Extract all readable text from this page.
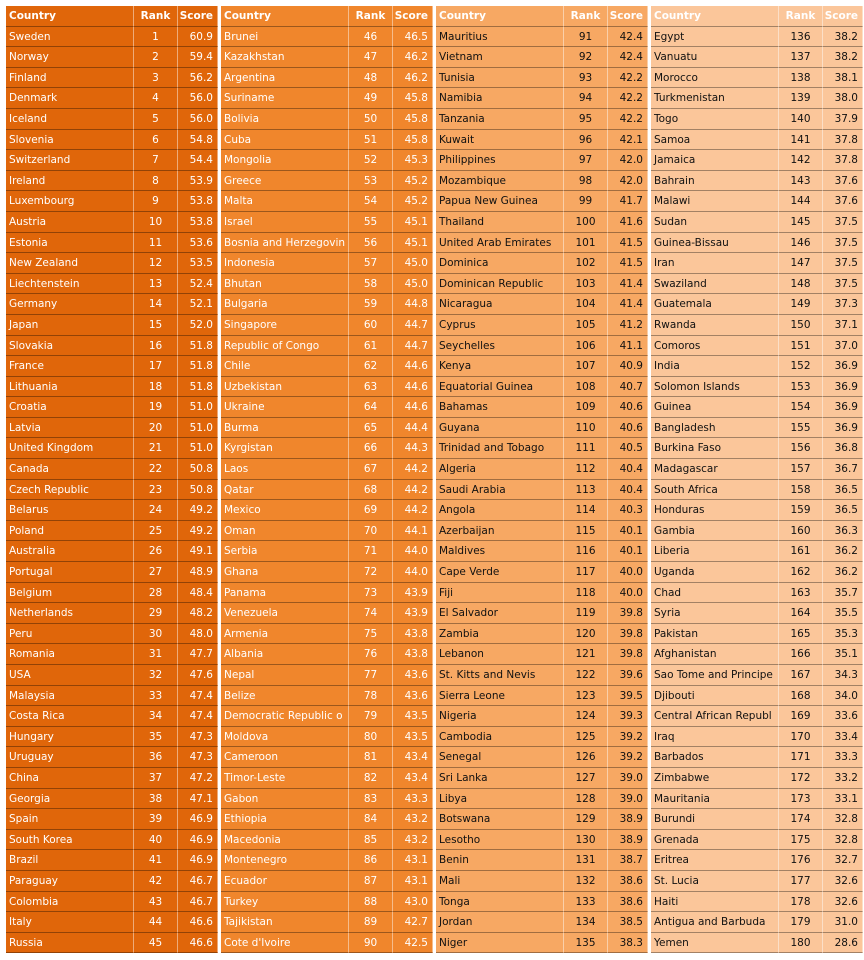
Country	Rank Score
Sweden	1	60.9
Norway	2	59.4
Finland	3	56.2
Denmark	4	56.0
Iceland	5	56.0
Slovenia	6	54.8
Switzerland	7	54.4
Ireland	8	53.9
Luxembourg	9	53.8
Austria	10	53.8
Estonia	11	53.6
New Zealand	12	53.5
Liechtenstein	13	52.4
Germany	14	52.1
Japan	15	52.0
Slovakia	16	51.8
France	17	51.8
Lithuania	18	51.8
Croatia	19	51.0
Latvia	20	51.0
United Kingdom	21	51.0
Canada	22	50.8
Czech Republic	23	50.8
Belarus	24	49.2
Poland	25	49.2
Australia	26	49.1
Portugal	27	48.9
Belgium	28	48.4
Netherlands	29	48.2
Peru	30	48.0
Romania	31	47.7
USA	32	47.6
Malaysia	33	47.4
Costa Rica	34	47.4
Hungary	35	47.3
Uruguay	36	47.3
China	37	47.2
Georgia	38	47.1
Spain	39	46.9
South Korea	40	46.9
Brazil	41	46.9
Paraguay	42	46.7
Colombia	43	46.7
Italy	44	46.6
Russia	45	46.6
Country	Rank Score
Brunei	46	46.5
Kazakhstan	47	46.2
Argentina	48	46.2
Suriname	49	45.8
Bolivia	50	45.8
Cuba	51	45.8
Mongolia	52	45.3
Greece	53	45.2
Malta	54	45.2
Israel	55	45.1
Bosnia and Herzegovin	56	45.1
Indonesia	57	45.0
Bhutan	58	45.0
Bulgaria	59	44.8
Singapore	60	44.7
Republic of Congo	61	44.7
Chile	62	44.6
Uzbekistan	63	44.6
Ukraine	64	44.6
Burma	65	44.4
Kyrgistan	66	44.3
Laos	67	44.2
Qatar	68	44.2
Mexico	69	44.2
Oman	70	44.1
Serbia	71	44.0
Ghana	72	44.0
Panama	73	43.9
Venezuela	74	43.9
Armenia	75	43.8
Albania	76	43.8
Nepal	77	43.6
Belize	78	43.6
Democratic Republic o	79	43.5
Moldova	80	43.5
Cameroon	81	43.4
Timor-Leste	82	43.4
Gabon	83	43.3
Ethiopia	84	43.2
Macedonia	85	43.2
Montenegro	86	43.1
Ecuador	87	43.1
Turkey	88	43.0
Tajikistan	89	42.7
Cote d'Ivoire	90	42.5
Country	Rank Score
Mauritius	91	42.4
Vietnam	92	42.4
Tunisia	93	42.2
Namibia	94	42.2
Tanzania	95	42.2
Kuwait	96	42.1
Philippines	97	42.0
Mozambique	98	42.0
Papua New Guinea	99	41.7
Thailand	100	41.6
United Arab Emirates	101	41.5
Dominica	102	41.5
Dominican Republic	103	41.4
Nicaragua	104	41.4
Cyprus	105	41.2
Seychelles	106	41.1
Kenya	107	40.9
Equatorial Guinea	108	40.7
Bahamas	109	40.6
Guyana	110	40.6
Trinidad and Tobago	111	40.5
Algeria	112	40.4
Saudi Arabia	113	40.4
Angola	114	40.3
Azerbaijan	115	40.1
Maldives	116	40.1
Cape Verde	117	40.0
Fiji	118	40.0
El Salvador	119	39.8
Zambia	120	39.8
Lebanon	121	39.8
St. Kitts and Nevis	122	39.6
Sierra Leone	123	39.5
Nigeria	124	39.3
Cambodia	125	39.2
Senegal	126	39.2
Sri Lanka	127	39.0
Libya	128	39.0
Botswana	129	38.9
Lesotho	130	38.9
Benin	131	38.7
Mali	132	38.6
Tonga	133	38.6
Jordan	134	38.5
Niger	135	38.3
Country	Rank Score
Egypt	136	38.2
Vanuatu	137	38.2
Morocco	138	38.1
Turkmenistan	139	38.0
Togo	140	37.9
Samoa	141	37.8
Jamaica	142	37.8
Bahrain	143	37.6
Malawi	144	37.6
Sudan	145	37.5
Guinea-Bissau	146	37.5
Iran	147	37.5
Swaziland	148	37.5
Guatemala	149	37.3
Rwanda	150	37.1
Comoros	151	37.0
India	152	36.9
Solomon Islands	153	36.9
Guinea	154	36.9
Bangladesh	155	36.9
Burkina Faso	156	36.8
Madagascar	157	36.7
South Africa	158	36.5
Honduras	159	36.5
Gambia	160	36.3
Liberia	161	36.2
Uganda	162	36.2
Chad	163	35.7
Syria	164	35.5
Pakistan	165	35.3
Afghanistan	166	35.1
Sao Tome and Principe	167	34.3
Djibouti	168	34.0
Central African Republ	169	33.6
Iraq	170	33.4
Barbados	171	33.3
Zimbabwe	172	33.2
Mauritania	173	33.1
Burundi	174	32.8
Grenada	175	32.8
Eritrea	176	32.7
St. Lucia	177	32.6
Haiti	178	32.6
Antigua and Barbuda	179	31.0
Yemen	180	28.6
